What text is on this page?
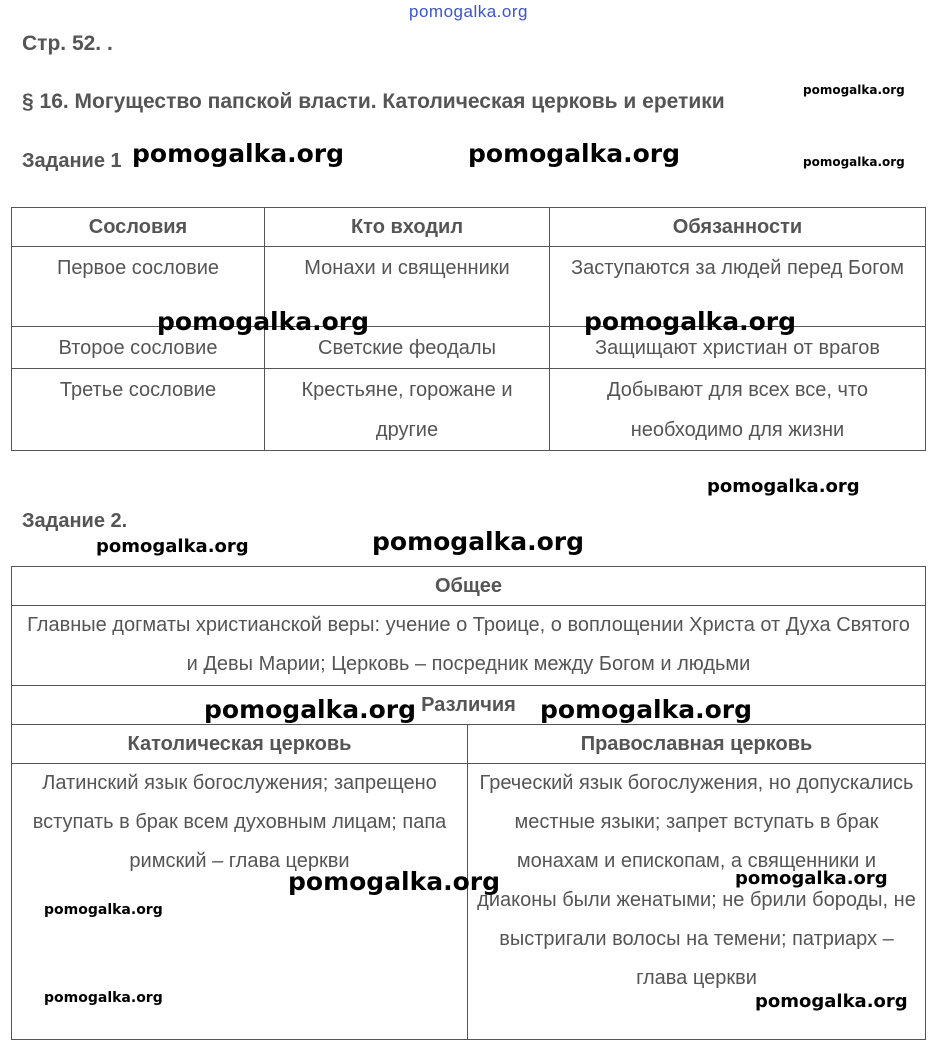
pomogalka.org
Стр. 52. .
§ 16. Могущество папской власти. Католическая церковь и еретики
Задание 1
Сословия	Кто входил	Обязанности
Первое сословие	Монахи и священники	Заступаются за людей перед Богом
Второе сословие	Светские феодалы	Защищают христиан от врагов
Третье сословие	Крестьяне, горожане и другие	Добывают для всех все, что необходимо для жизни
Задание 2.
Общее	
Главные догматы христианской веры: учение о Троице, о воплощении Христа от Духа Святого и Девы Марии; Церковь – посредник между Богом и людьми	
Различия	
Католическая церковь	Православная церковь
Латинский язык богослужения; запрещено вступать в брак всем духовным лицам; папа римский – глава церкви	Греческий язык богослужения, но допускались местные языки; запрет вступать в брак монахам и епископам, а священники и диаконы были женатыми; не брили бороды, не выстригали волосы на темени; патриарх – глава церкви
pomogalka.org
pomogalka.org	pomogalka.org	pomogalka.org
pomogalka.org	pomogalka.org
pomogalka.org
pomogalka.org	pomogalka.org
pomogalka.org	pomogalka.org
pomogalka.org	pomogalka.org
pomogalka.org
pomogalka.org	pomogalka.org
